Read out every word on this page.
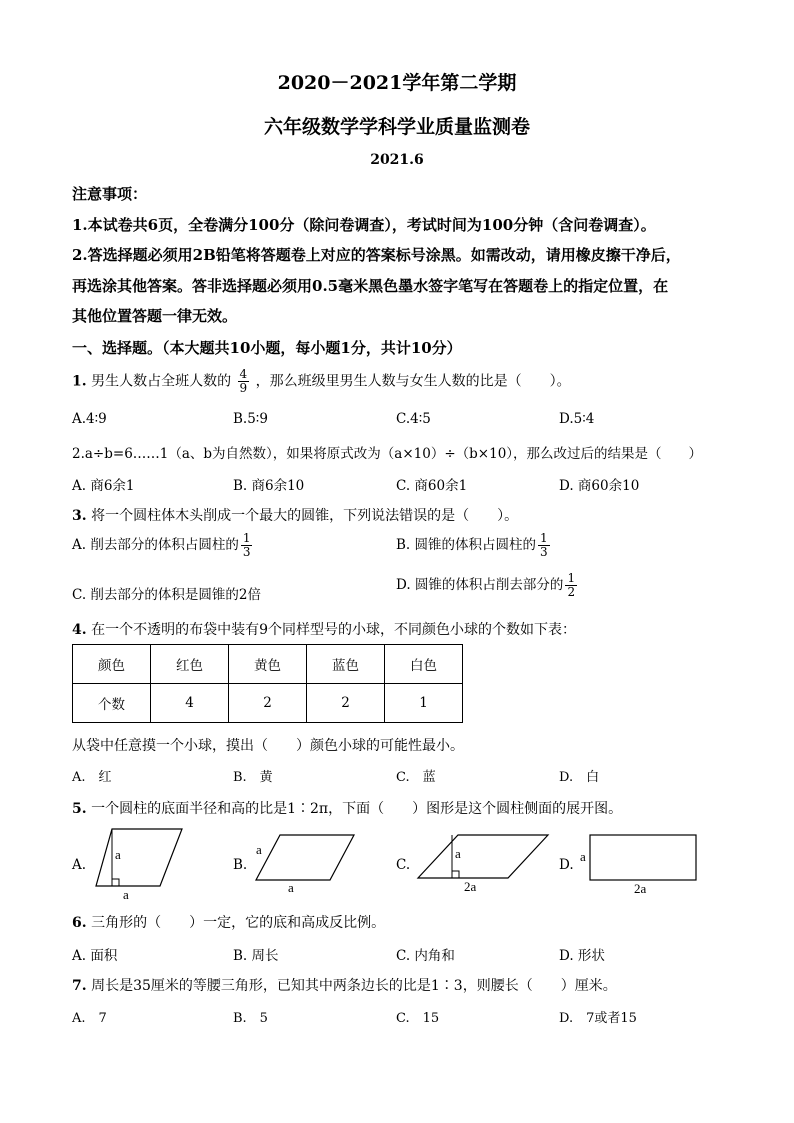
2020－2021学年第二学期
六年级数学学科学业质量监测卷
2021.6
注意事项：
1.本试卷共6页，全卷满分100分（除问卷调查），考试时间为100分钟（含问卷调查）。
2.答选择题必须用2B铅笔将答题卷上对应的答案标号涂黑。如需改动，请用橡皮擦干净后，
再选涂其他答案。答非选择题必须用0.5毫米黑色墨水签字笔写在答题卷上的指定位置，在
其他位置答题一律无效。
一、选择题。（本大题共10小题，每小题1分，共计10分）
1. 男生人数占全班人数的 $\frac{4}{9}$ ，那么班级里男生人数与女生人数的比是（　　）。
A.4∶9	B.5∶9	C.4∶5	D.5∶4
2.a÷b=6……1（a、b为自然数），如果将原式改为（a×10）÷（b×10），那么改过后的结果是（　　）
A. 商6余1	B. 商6余10	C. 商60余1	D. 商60余10
3. 将一个圆柱体木头削成一个最大的圆锥，下列说法错误的是（　　）。
A. 削去部分的体积占圆柱的 $\frac{1}{3}$	B. 圆锥的体积占圆柱的 $\frac{1}{3}$
C. 削去部分的体积是圆锥的2倍
D. 圆锥的体积占削去部分的 $\frac{1}{2}$
4. 在一个不透明的布袋中装有9个同样型号的小球，不同颜色小球的个数如下表：
颜色	红色	黄色	蓝色	白色
个数	4	2	2	1
从袋中任意摸一个小球，摸出（　　）颜色小球的可能性最小。
A.　红	B.　黄	C.　蓝	D.　白
5. 一个圆柱的底面半径和高的比是1∶2π，下面（　　）图形是这个圆柱侧面的展开图。
A.	B.	C.	D.
a
a
a
a
a
2a
a
2a
6. 三角形的（　　）一定，它的底和高成反比例。
A. 面积	B. 周长	C. 内角和	D. 形状
7. 周长是35厘米的等腰三角形，已知其中两条边长的比是1∶3，则腰长（　　）厘米。
A.　7	B.　5	C.　15	D.　7或者15
